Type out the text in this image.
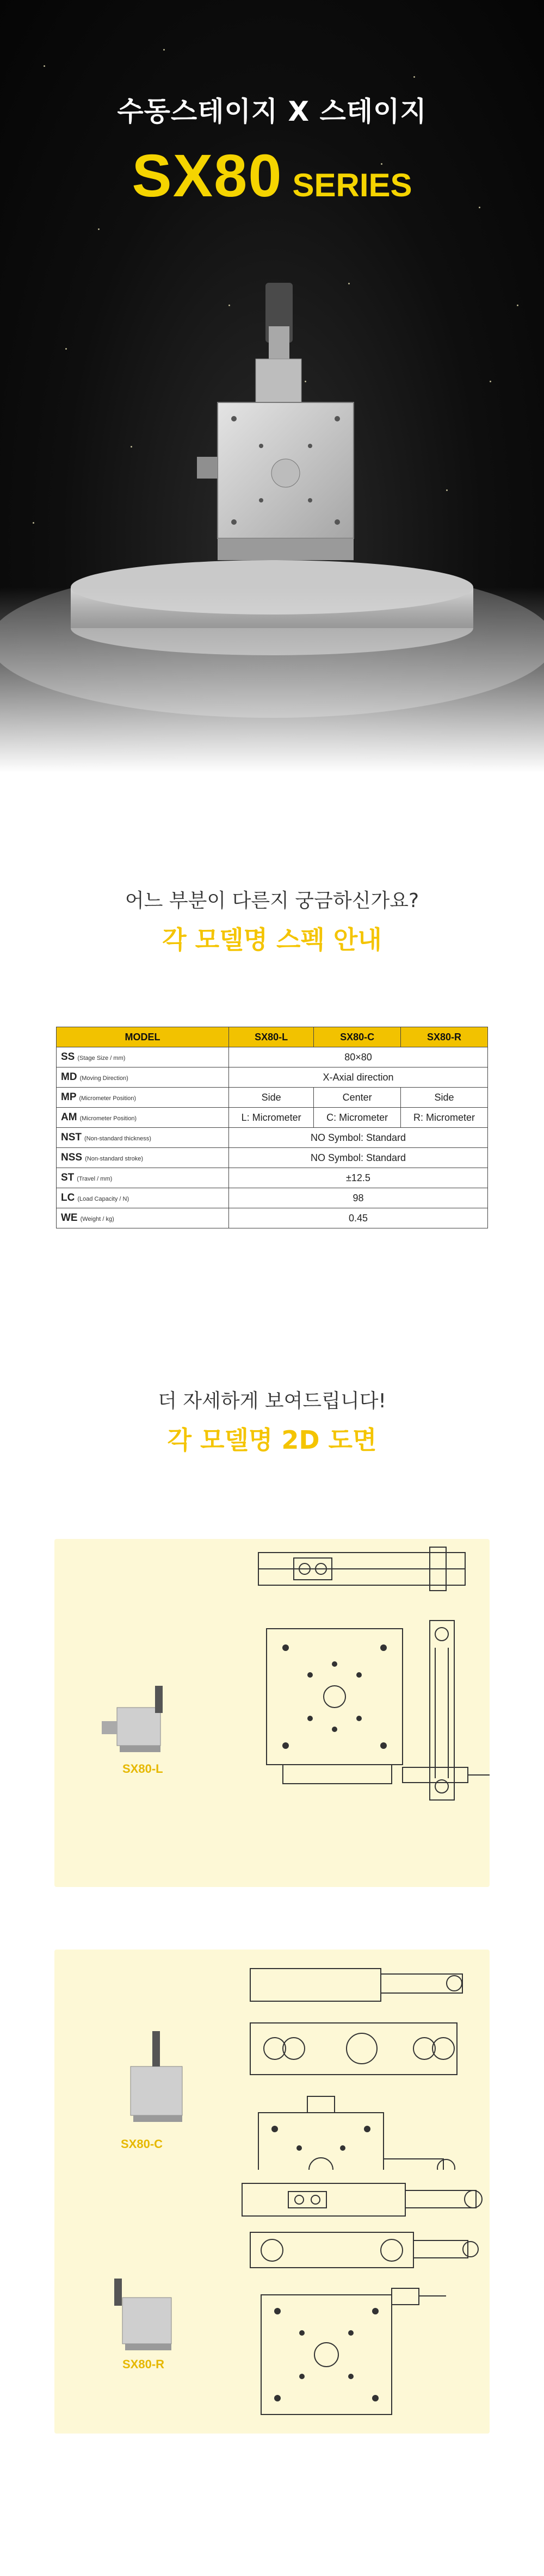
수동스테이지 X 스테이지
SX80 SERIES
어느 부분이 다른지 궁금하신가요?
각 모델명 스펙 안내
MODEL	SX80-L	SX80-C	SX80-R
SS (Stage Size / mm)	80×80		
MD (Moving Direction)	X-Axial direction		
MP (Micrometer Position)	Side	Center	Side
AM (Micrometer Position)	L: Micrometer	C: Micrometer	R: Micrometer
NST (Non-standard thickness)	NO Symbol: Standard		
NSS (Non-standard stroke)	NO Symbol: Standard		
ST (Travel / mm)	±12.5		
LC (Load Capacity / N)	98		
WE (Weight / kg)	0.45		
더 자세하게 보여드립니다!
각 모델명 2D 도면
SX80-L
SX80-C
SX80-R
